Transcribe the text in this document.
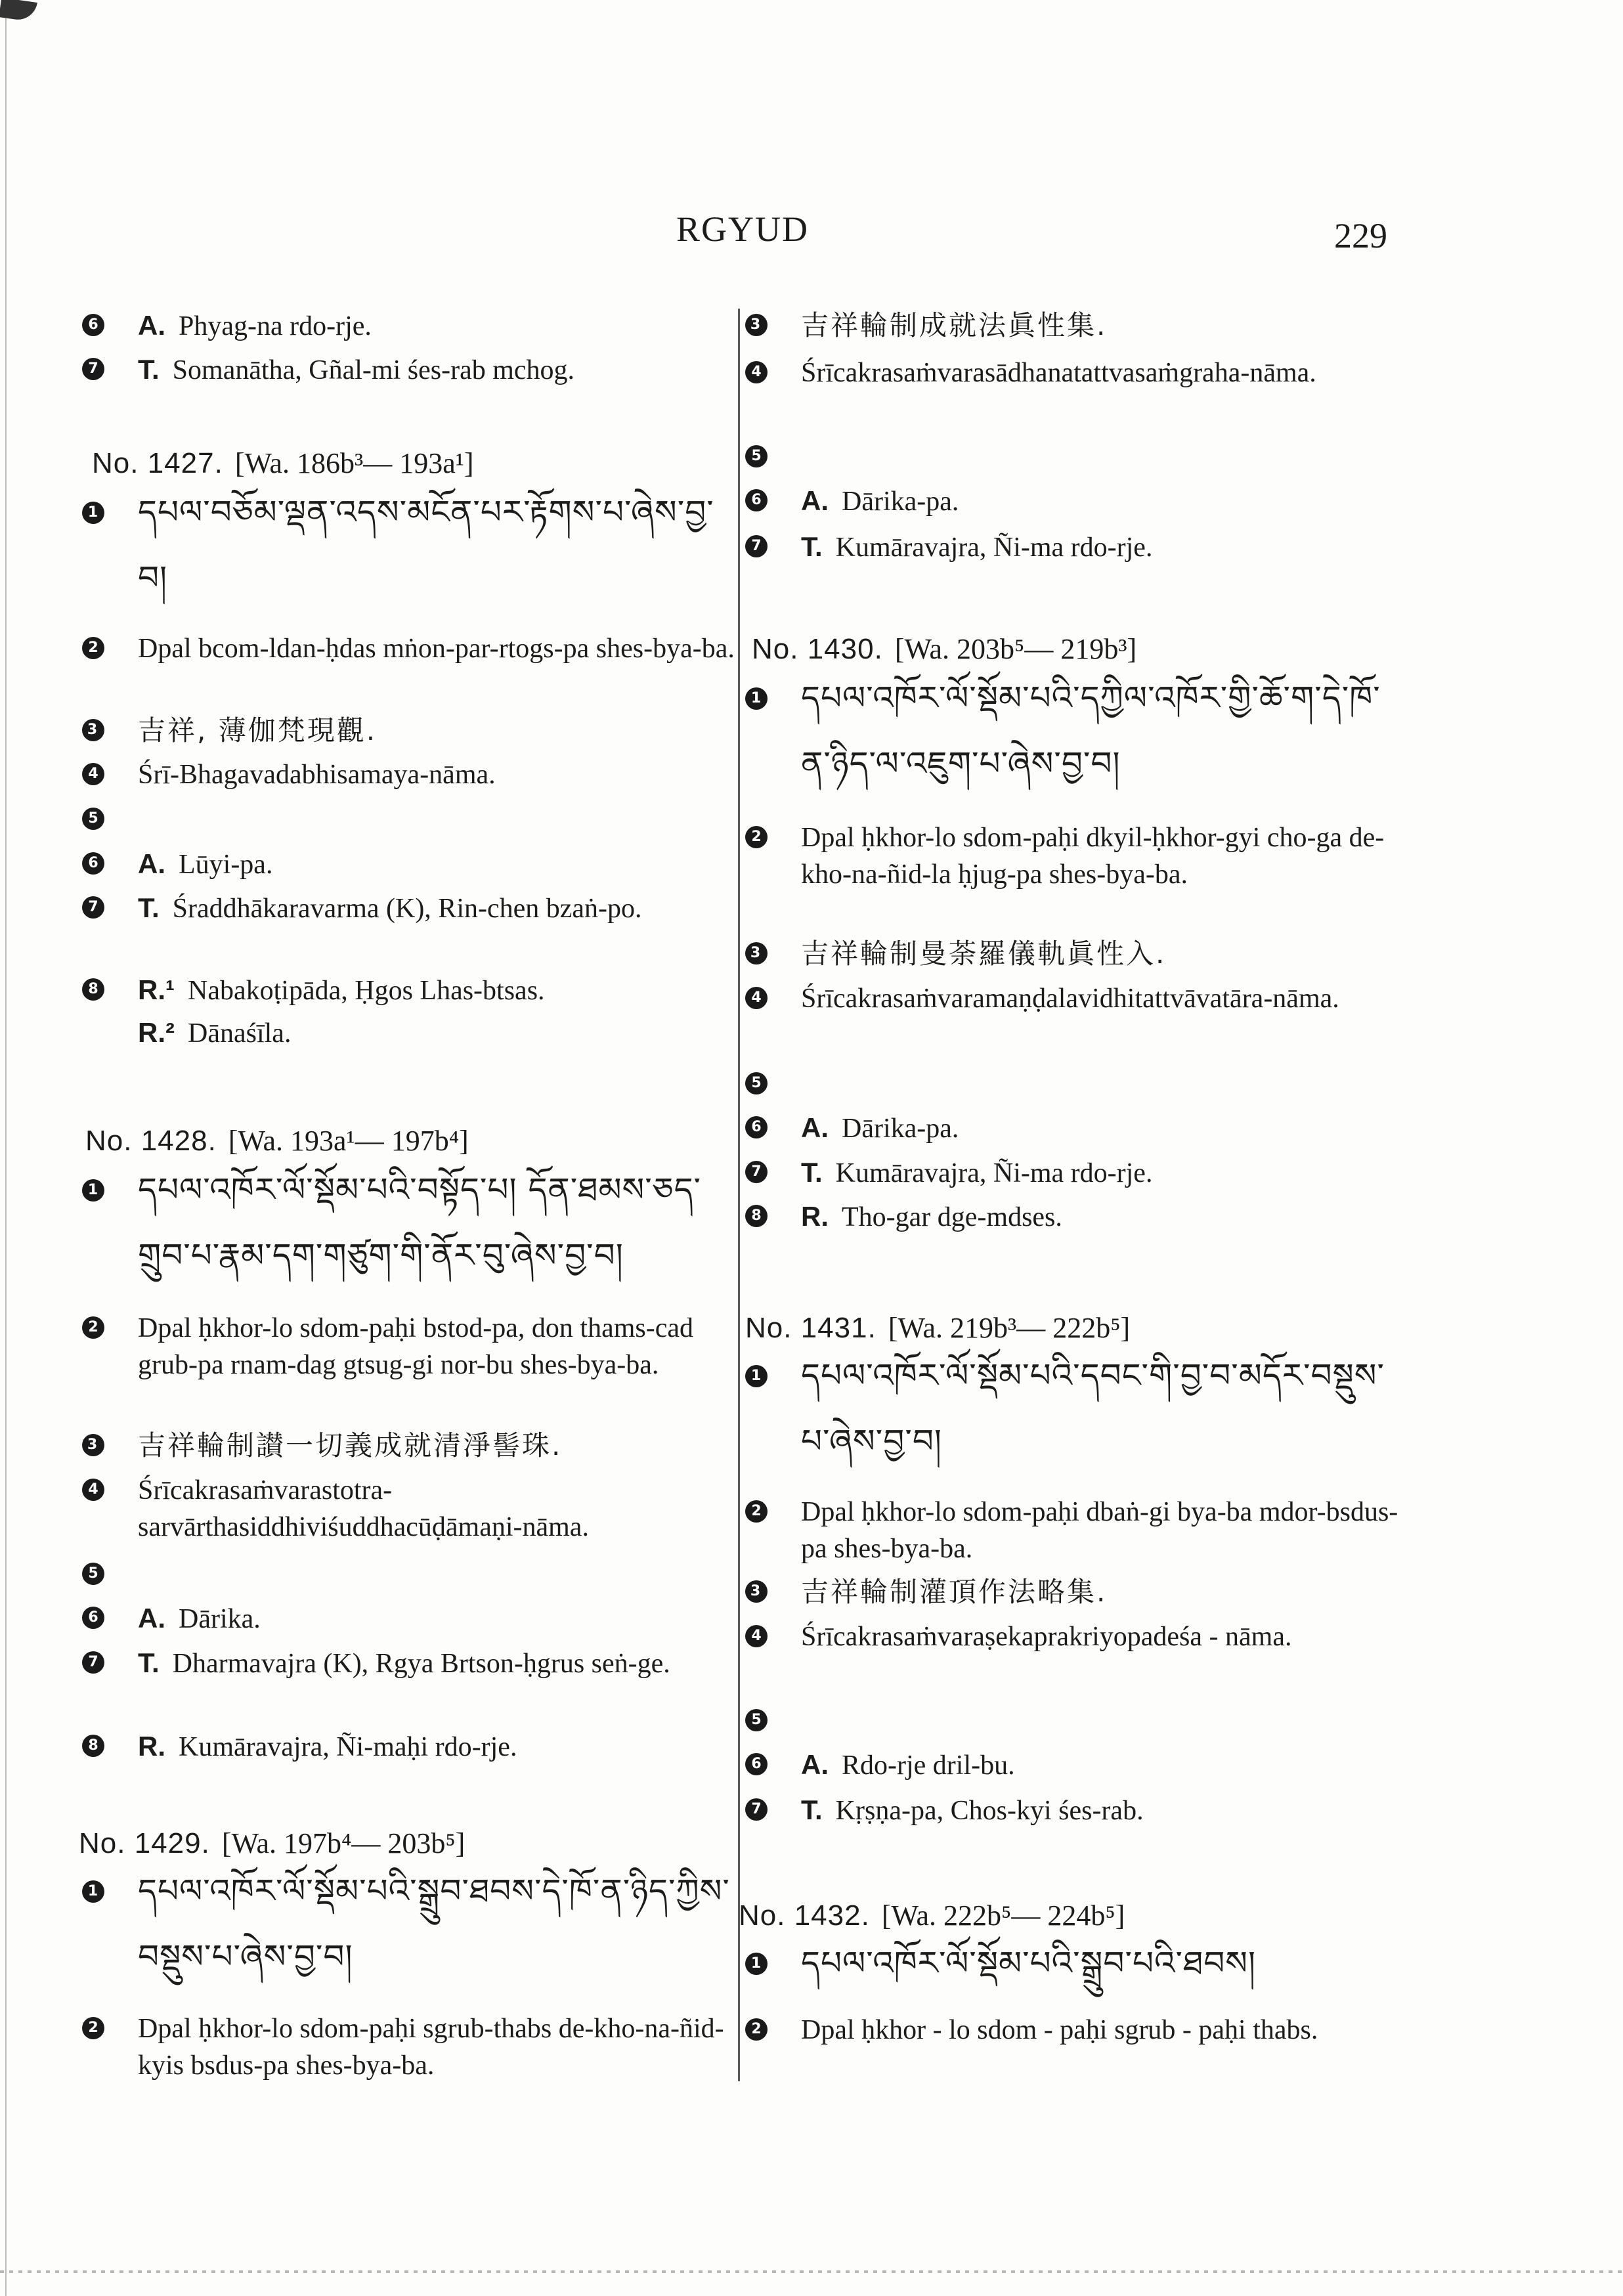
RGYUD	229
6 A. Phyag-na rdo-rje.
7 T. Somanātha, Gñal-mi śes-rab mchog.
No. 1427. [Wa. 186b³— 193a¹]
1 དཔལ་བཅོམ་ལྡན་འདས་མངོན་པར་རྟོགས་པ་ཞེས་བྱ་བ།
2 Dpal bcom-ldan-ḥdas mṅon-par-rtogs-pa shes-bya-ba.
3 吉祥, 薄伽梵現觀.
4 Śrī-Bhagavadabhisamaya-nāma.
5
6 A. Lūyi-pa.
7 T. Śraddhākaravarma (K), Rin-chen bzaṅ-po.
8 R.¹ Nabakoṭipāda, Ḥgos Lhas-btsas.
R.² Dānaśīla.
No. 1428. [Wa. 193a¹— 197b⁴]
1 དཔལ་འཁོར་ལོ་སྡོམ་པའི་བསྟོད་པ། དོན་ཐམས་ཅད་གྲུབ་པ་རྣམ་དག་གཙུག་གི་ནོར་བུ་ཞེས་བྱ་བ།
2 Dpal ḥkhor-lo sdom-paḥi bstod-pa, don thams-cad grub-pa rnam-dag gtsug-gi nor-bu shes-bya-ba.
3 吉祥輪制讃一切義成就清淨髻珠.
4 Śrīcakrasaṁvarastotra-sarvārthasiddhiviśuddhacūḍāmaṇi-nāma.
5
6 A. Dārika.
7 T. Dharmavajra (K), Rgya Brtson-ḥgrus seṅ-ge.
8 R. Kumāravajra, Ñi-maḥi rdo-rje.
No. 1429. [Wa. 197b⁴— 203b⁵]
1 དཔལ་འཁོར་ལོ་སྡོམ་པའི་སྒྲུབ་ཐབས་དེ་ཁོ་ན་ཉིད་ཀྱིས་བསྡུས་པ་ཞེས་བྱ་བ།
2 Dpal ḥkhor-lo sdom-paḥi sgrub-thabs de-kho-na-ñid-kyis bsdus-pa shes-bya-ba.
3 吉祥輪制成就法眞性集.
4 Śrīcakrasaṁvarasādhanatattvasaṁgraha-nāma.
5
6 A. Dārika-pa.
7 T. Kumāravajra, Ñi-ma rdo-rje.
No. 1430. [Wa. 203b⁵— 219b³]
1 དཔལ་འཁོར་ལོ་སྡོམ་པའི་དཀྱིལ་འཁོར་གྱི་ཆོ་ག་དེ་ཁོ་ན་ཉིད་ལ་འཇུག་པ་ཞེས་བྱ་བ།
2 Dpal ḥkhor-lo sdom-paḥi dkyil-ḥkhor-gyi cho-ga de-kho-na-ñid-la ḥjug-pa shes-bya-ba.
3 吉祥輪制曼荼羅儀軌眞性入.
4 Śrīcakrasaṁvaramaṇḍalavidhitattvāvatāra-nāma.
5
6 A. Dārika-pa.
7 T. Kumāravajra, Ñi-ma rdo-rje.
8 R. Tho-gar dge-mdses.
No. 1431. [Wa. 219b³— 222b⁵]
1 དཔལ་འཁོར་ལོ་སྡོམ་པའི་དབང་གི་བྱ་བ་མདོར་བསྡུས་པ་ཞེས་བྱ་བ།
2 Dpal ḥkhor-lo sdom-paḥi dbaṅ-gi bya-ba mdor-bsdus-pa shes-bya-ba.
3 吉祥輪制灌頂作法略集.
4 Śrīcakrasaṁvaraṣekaprakriyopadeśa - nāma.
5
6 A. Rdo-rje dril-bu.
7 T. Kṛṣṇa-pa, Chos-kyi śes-rab.
No. 1432. [Wa. 222b⁵— 224b⁵]
1 དཔལ་འཁོར་ལོ་སྡོམ་པའི་སྒྲུབ་པའི་ཐབས།
2 Dpal ḥkhor - lo sdom - paḥi sgrub - paḥi thabs.
